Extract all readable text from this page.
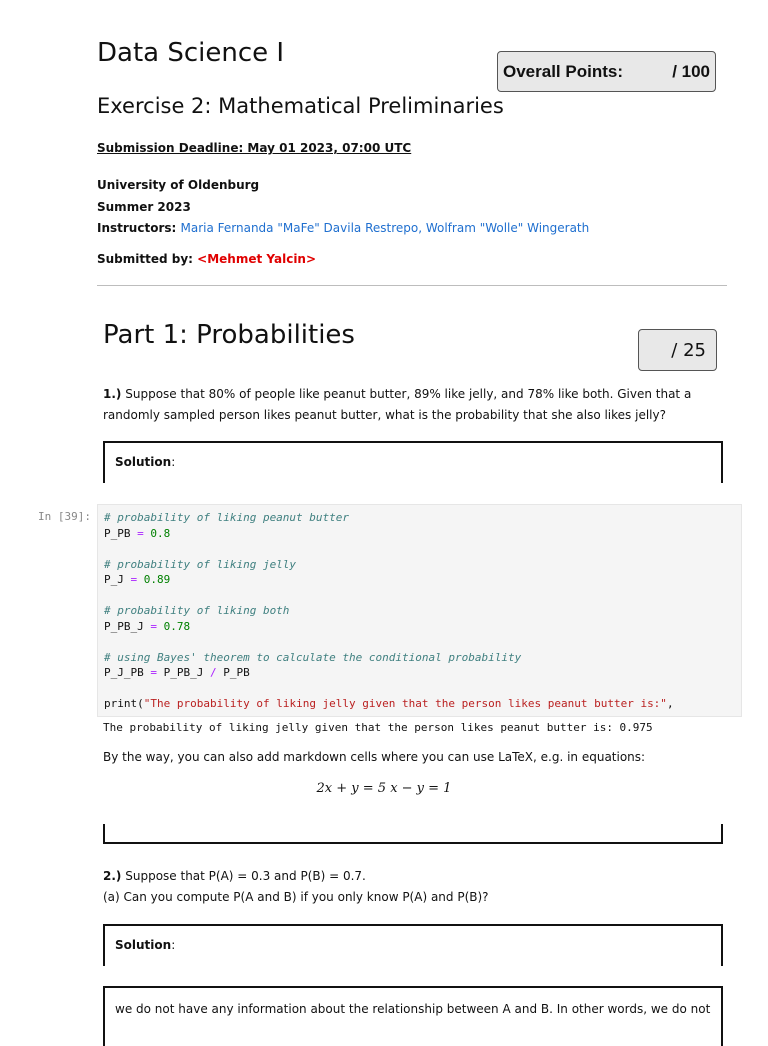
Data Science I
Overall Points:	/ 100
Exercise 2: Mathematical Preliminaries
Submission Deadline: May 01 2023, 07:00 UTC
University of Oldenburg
Summer 2023
Instructors: Maria Fernanda "MaFe" Davila Restrepo, Wolfram "Wolle" Wingerath
Submitted by: <Mehmet Yalcin>
Part 1: Probabilities	/ 25
1.) Suppose that 80% of people like peanut butter, 89% like jelly, and 78% like both. Given that a randomly sampled person likes peanut butter, what is the probability that she also likes jelly?
Solution:
In [39]: # probability of liking peanut butter
P_PB = 0.8

# probability of liking jelly
P_J = 0.89

# probability of liking both
P_PB_J = 0.78

# using Bayes' theorem to calculate the conditional probability
P_J_PB = P_PB_J / P_PB

print("The probability of liking jelly given that the person likes peanut butter is:",
The probability of liking jelly given that the person likes peanut butter is: 0.975
By the way, you can also add markdown cells where you can use LaTeX, e.g. in equations:
2x + y = 5 x − y = 1
2.) Suppose that P(A) = 0.3 and P(B) = 0.7.
(a) Can you compute P(A and B) if you only know P(A) and P(B)?
Solution:
we do not have any information about the relationship between A and B. In other words, we do not
